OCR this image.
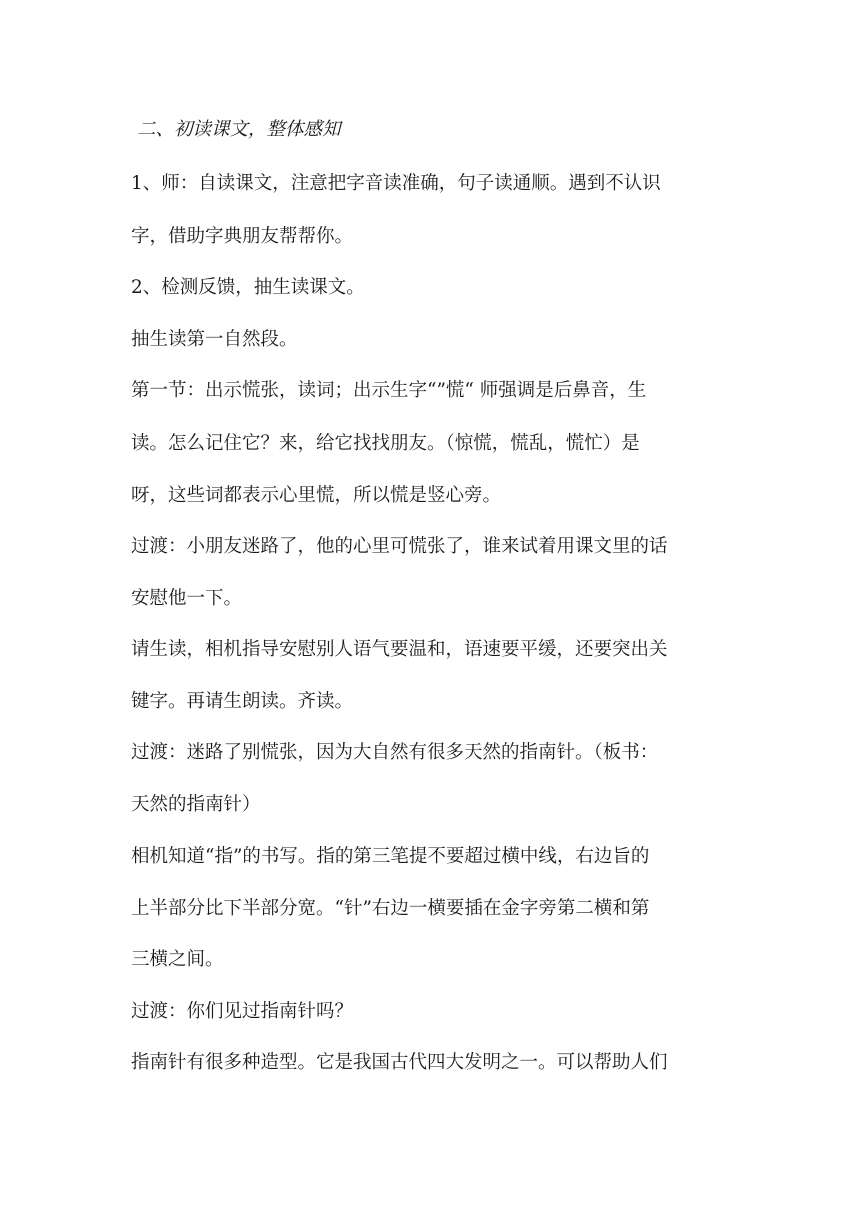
二、初读课文，整体感知
1、师：自读课文，注意把字音读准确，句子读通顺。遇到不认识
字，借助字典朋友帮帮你。
2、检测反馈，抽生读课文。
抽生读第一自然段。
第一节：出示慌张，读词；出示生字“”慌“ 师强调是后鼻音，生
读。怎么记住它？来，给它找找朋友。（惊慌，慌乱，慌忙）是
呀，这些词都表示心里慌，所以慌是竖心旁。
过渡：小朋友迷路了，他的心里可慌张了，谁来试着用课文里的话
安慰他一下。
请生读，相机指导安慰别人语气要温和，语速要平缓，还要突出关
键字。再请生朗读。齐读。
过渡：迷路了别慌张，因为大自然有很多天然的指南针。（板书：
天然的指南针）
相机知道“指”的书写。指的第三笔提不要超过横中线，右边旨的
上半部分比下半部分宽。“针”右边一横要插在金字旁第二横和第
三横之间。
过渡：你们见过指南针吗？
指南针有很多种造型。它是我国古代四大发明之一。可以帮助人们
